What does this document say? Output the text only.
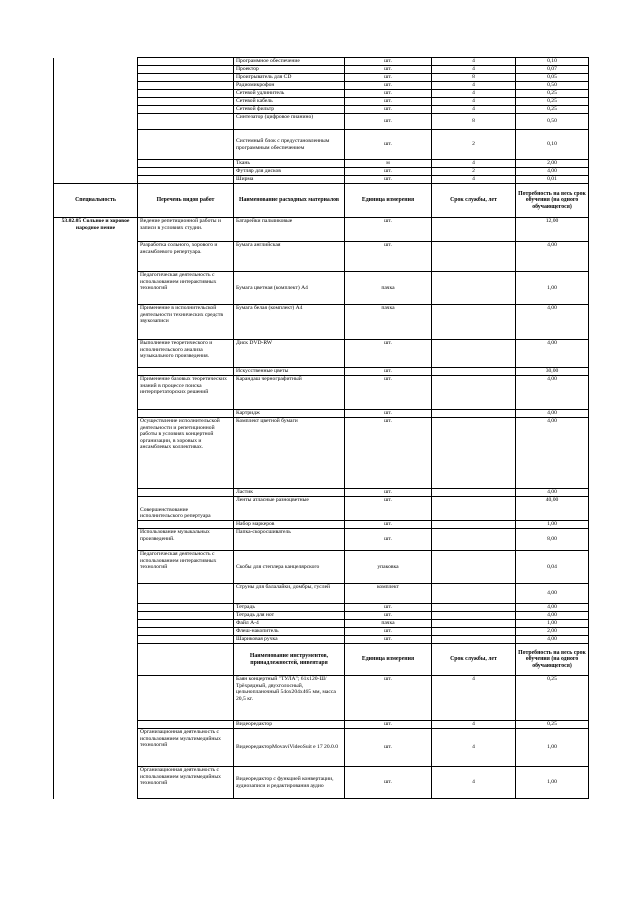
		Программное обеспечение	шт.	4	0,10
		Проектор	шт.	4	0,07
		Проигрыватель для CD	шт.	8	0,05
		Радиомикрофон	шт.	4	0,50
		Сетевой удлинитель	шт.	4	0,25
		Сетевой кабель	шт.	4	0,25
		Сетевой фильтр	шт.	4	0,25
		Синтезатор (цифровое пианино)	шт.	8	0,50
		Системный блок с предустановленным программным обеспечением	шт.	2	0,10
		Ткань	м	4	2,00
		Футляр для дисков	шт.	2	4,00
		Ширма	шт.	4	0,01
Специальность	Перечень видов работ	Наименование расходных материалов	Единица измерения	Срок службы, лет	Потребность на весь срок обучения (на одного обучающегося)
53.02.05 Сольное и хоровое народное пение	Ведение репетиционной работы и записи в условиях студии.	Батарейки пальчиковые	шт.		12,00
	Разработка сольного, хорового и ансамблевого репертуара.	Бумага английская	шт.		4,00
	Педагогическая деятельность с использованием интерактивных технологий	Бумага цветная (комплект) А4	пачка		1,00
	Применение в исполнительской деятельности технических средств звукозаписи	Бумага белая (комплект) А4	пачка		4,00
	Выполнение теоретического и исполнительского анализа музыкального произведения.	Диск DVD-RW	шт.		4,00
		Искусственные цветы	шт.		30,00
	Применение базовых теоретических знаний в процессе поиска интерпретаторских решений	Карандаш чернографитный	шт.		4,00
		Картридж	шт.		4,00
	Осуществление исполнительской деятельности и репетиционной работы в условиях концертной организации, в хоровых и ансамблевых коллективах.	Комплект цветной бумаги	шт.		4,00
		Ластик	шт.		4,00
	Совершенствование исполнительского репертуара	Ленты атласные разноцветные	шт.		40,00
		Набор маркеров	шт.		1,00
	Использование музыкальных произведений.	Папка-скоросшиватель	шт.		8,00
	Педагогическая деятельность с использованием интерактивных технологий	Скобы для степлера канцелярского	упаковка		0,04
		Струны для балалайки, домбры, гуслей	комплект		4,00
		Тетрадь	шт.		4,00
		Тетрадь для нот	шт.		4,00
		Файл А-4	пачка		1,00
		Флеш-накопитель	шт.		2,00
		Шариковая ручка	шт.		4,00
		Наименование инструментов, принадлежностей, инвентаря	Единица измерения	Срок службы, лет	Потребность на весь срок обучения (на одного обучающегося)
		Баян концертный "ТУЛА"; 61х120-Ш/ Трёхрядный, двухголосный, цельнопланочный 54ох204х465 мм, масса 20,5 кг.	шт.	4	0,25
		Видеоредактор	шт.	4	0,25
	Организационная деятельность с использованием мультимедийных технологий	ВидеоредакторMovaviVideoSuit e 17 20.0.0	шт.	4	1,00
	Организационная деятельность с использованием мультимедийных технологий	Видеоредактор с функцией конвертации, аудиозаписи и редактирования аудио	шт.	4	1,00
